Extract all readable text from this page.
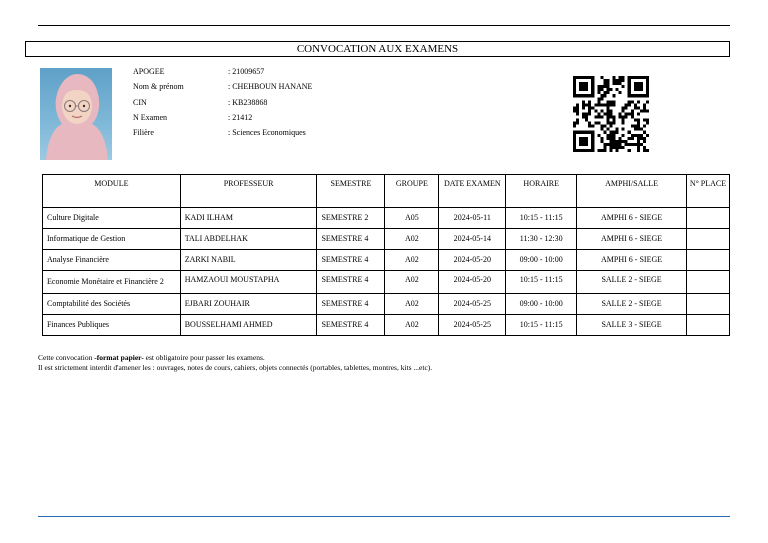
CONVOCATION AUX EXAMENS
APOGEE	: 21009657
Nom & prénom	: CHEHBOUN HANANE
CIN	: KB238868
N Examen	: 21412
Filière	: Sciences Economiques
MODULE	PROFESSEUR	SEMESTRE	GROUPE	DATE EXAMEN	HORAIRE	AMPHI/SALLE	N° PLACE
Culture Digitale	KADI ILHAM	SEMESTRE 2	A05	2024-05-11	10:15 - 11:15	AMPHI 6 - SIEGE	
Informatique de Gestion	TALI ABDELHAK	SEMESTRE 4	A02	2024-05-14	11:30 - 12:30	AMPHI 6 - SIEGE	
Analyse Financière	ZARKI NABIL	SEMESTRE 4	A02	2024-05-20	09:00 - 10:00	AMPHI 6 - SIEGE	
Economie Monétaire et Financière 2	HAMZAOUI MOUSTAPHA	SEMESTRE 4	A02	2024-05-20	10:15 - 11:15	SALLE 2 - SIEGE	
Comptabilité des Sociétés	EJBARI ZOUHAIR	SEMESTRE 4	A02	2024-05-25	09:00 - 10:00	SALLE 2 - SIEGE	
Finances Publiques	BOUSSELHAMI AHMED	SEMESTRE 4	A02	2024-05-25	10:15 - 11:15	SALLE 3 - SIEGE	
Cette convocation -format papier- est obligatoire pour passer les examens.
Il est strictement interdit d'amener les : ouvrages, notes de cours, cahiers, objets connectés (portables, tablettes, montres, kits ...etc).
